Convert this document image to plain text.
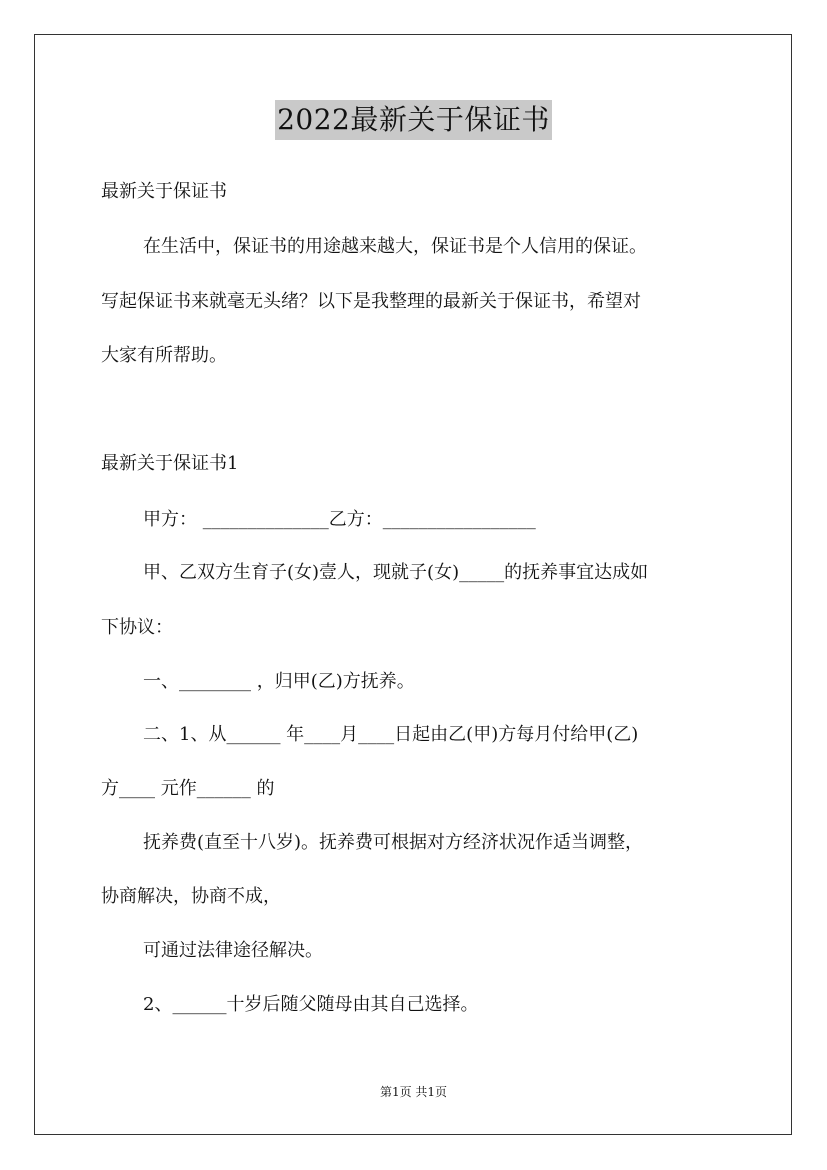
2022最新关于保证书
最新关于保证书
在生活中，保证书的用途越来越大，保证书是个人信用的保证。
写起保证书来就毫无头绪？以下是我整理的最新关于保证书，希望对
大家有所帮助。
最新关于保证书1
甲方： ______________乙方：_________________
甲、乙双方生育子(女)壹人，现就子(女)_____的抚养事宜达成如
下协议：
一、________ ，归甲(乙)方抚养。
二、1、从______ 年____月____日起由乙(甲)方每月付给甲(乙)
方____ 元作______ 的
抚养费(直至十八岁)。抚养费可根据对方经济状况作适当调整，
协商解决，协商不成，
可通过法律途径解决。
2、______十岁后随父随母由其自己选择。
第1页 共1页
